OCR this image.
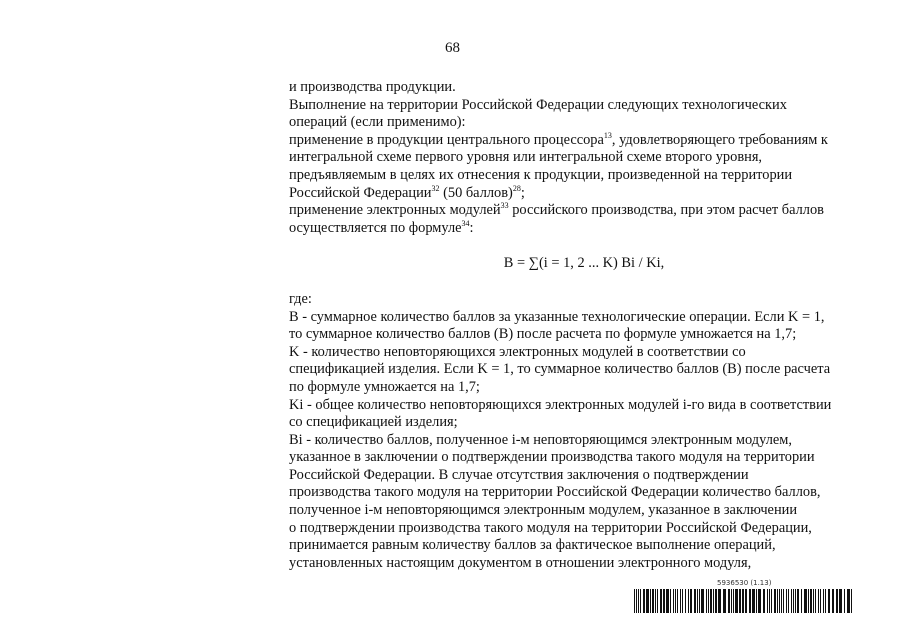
68

и производства продукции.

Выполнение на территории Российской Федерации следующих технологических

операций (если применимо):

применение в продукции центрального процессора$^{13}$, удовлетворяющего требованиям к

интегральной схеме первого уровня или интегральной схеме второго уровня,

предъявляемым в целях их отнесения к продукции, произведенной на территории

Российской Федерации$^{32}$ (50 баллов)$^{28}$;

применение электронных модулей$^{33}$ российского производства, при этом расчет баллов

осуществляется по формуле$^{34}$:

B = ∑(i = 1, 2 ... K) Bi / Ki,

где:

B - суммарное количество баллов за указанные технологические операции. Если K = 1,

то суммарное количество баллов (B) после расчета по формуле умножается на 1,7;

K - количество неповторяющихся электронных модулей в соответствии со

спецификацией изделия. Если K = 1, то суммарное количество баллов (B) после расчета

по формуле умножается на 1,7;

Ki - общее количество неповторяющихся электронных модулей i-го вида в соответствии

со спецификацией изделия;

Bi - количество баллов, полученное i-м неповторяющимся электронным модулем,

указанное в заключении о подтверждении производства такого модуля на территории

Российской Федерации. В случае отсутствия заключения о подтверждении

производства такого модуля на территории Российской Федерации количество баллов,

полученное i-м неповторяющимся электронным модулем, указанное в заключении

о подтверждении производства такого модуля на территории Российской Федерации,

принимается равным количеству баллов за фактическое выполнение операций,

установленных настоящим документом в отношении электронного модуля,

5936530 (1.13)
